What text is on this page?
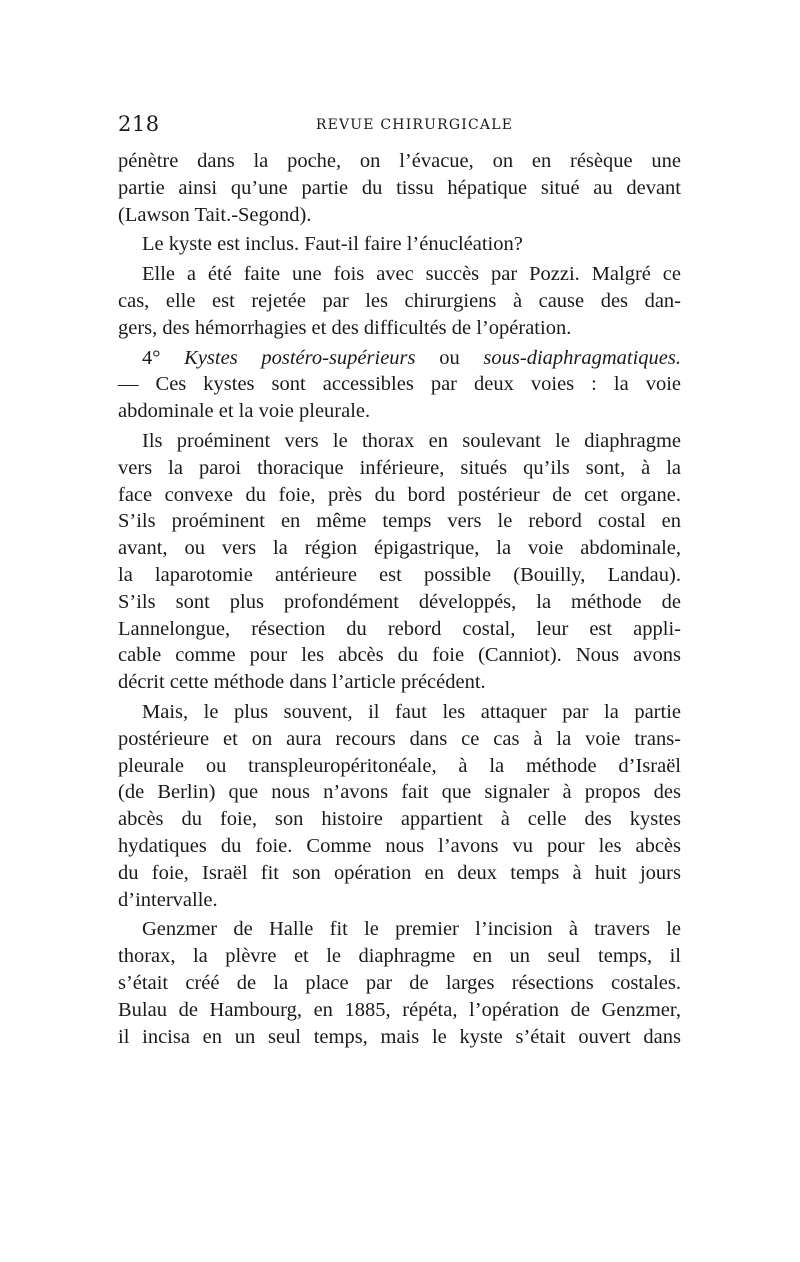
218	REVUE CHIRURGICALE

pénètre dans la poche, on l’évacue, on en résèque une

partie ainsi qu’une partie du tissu hépatique situé au devant

(Lawson Tait.-Segond).

Le kyste est inclus. Faut-il faire l’énucléation?

Elle a été faite une fois avec succès par Pozzi. Malgré ce

cas, elle est rejetée par les chirurgiens à cause des dan-

gers, des hémorrhagies et des difficultés de l’opération.

4° Kystes postéro-supérieurs ou sous-diaphragmatiques.

— Ces kystes sont accessibles par deux voies : la voie

abdominale et la voie pleurale.

Ils proéminent vers le thorax en soulevant le diaphragme

vers la paroi thoracique inférieure, situés qu’ils sont, à la

face convexe du foie, près du bord postérieur de cet organe.

S’ils proéminent en même temps vers le rebord costal en

avant, ou vers la région épigastrique, la voie abdominale,

la laparotomie antérieure est possible (Bouilly, Landau).

S’ils sont plus profondément développés, la méthode de

Lannelongue, résection du rebord costal, leur est appli-

cable comme pour les abcès du foie (Canniot). Nous avons

décrit cette méthode dans l’article précédent.

Mais, le plus souvent, il faut les attaquer par la partie

postérieure et on aura recours dans ce cas à la voie trans-

pleurale ou transpleuropéritonéale, à la méthode d’Israël

(de Berlin) que nous n’avons fait que signaler à propos des

abcès du foie, son histoire appartient à celle des kystes

hydatiques du foie. Comme nous l’avons vu pour les abcès

du foie, Israël fit son opération en deux temps à huit jours

d’intervalle.

Genzmer de Halle fit le premier l’incision à travers le

thorax, la plèvre et le diaphragme en un seul temps, il

s’était créé de la place par de larges résections costales.

Bulau de Hambourg, en 1885, répéta, l’opération de Genzmer,

il incisa en un seul temps, mais le kyste s’était ouvert dans
